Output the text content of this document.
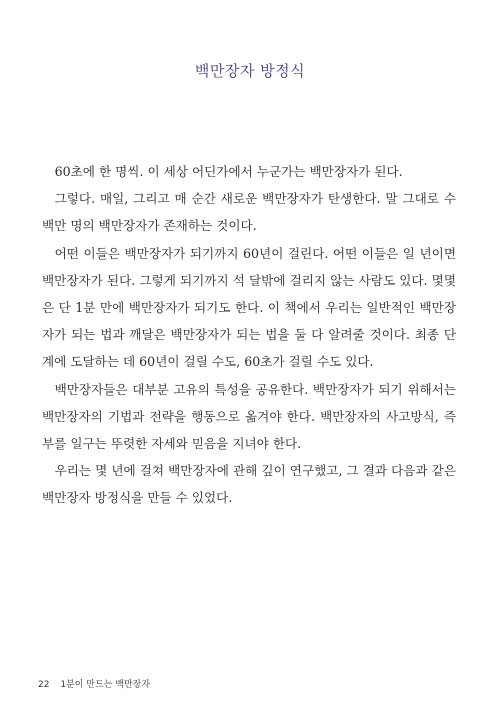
백만장자 방정식

60초에 한 명씩. 이 세상 어딘가에서 누군가는 백만장자가 된다.

그렇다. 매일, 그리고 매 순간 새로운 백만장자가 탄생한다. 말 그대로 수백만 명의 백만장자가 존재하는 것이다.

어떤 이들은 백만장자가 되기까지 60년이 걸린다. 어떤 이들은 일 년이면 백만장자가 된다. 그렇게 되기까지 석 달밖에 걸리지 않는 사람도 있다. 몇몇은 단 1분 만에 백만장자가 되기도 한다. 이 책에서 우리는 일반적인 백만장자가 되는 법과 깨달은 백만장자가 되는 법을 둘 다 알려줄 것이다. 최종 단계에 도달하는 데 60년이 걸릴 수도, 60초가 걸릴 수도 있다.

백만장자들은 대부분 고유의 특성을 공유한다. 백만장자가 되기 위해서는 백만장자의 기법과 전략을 행동으로 옮겨야 한다. 백만장자의 사고방식, 즉 부를 일구는 뚜렷한 자세와 믿음을 지녀야 한다.

우리는 몇 년에 걸쳐 백만장자에 관해 깊이 연구했고, 그 결과 다음과 같은 백만장자 방정식을 만들 수 있었다.

22 1분이 만드는 백만장자
